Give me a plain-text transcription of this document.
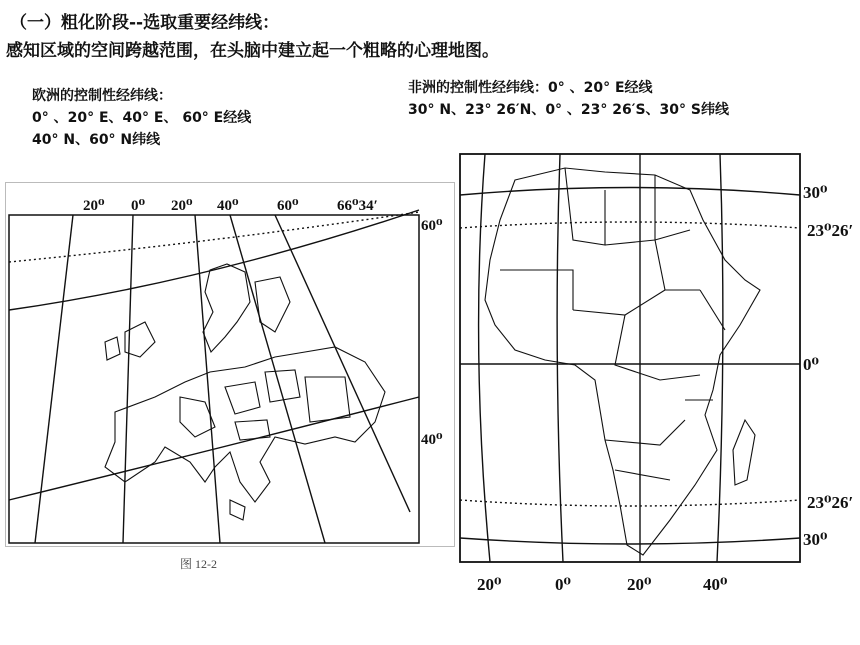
（一）粗化阶段--选取重要经纬线：
感知区域的空间跨越范围，在头脑中建立起一个粗略的心理地图。
欧洲的控制性经纬线：
0° 、20° E、40° E、 60° E经线
40° N、60° N纬线
非洲的控制性经纬线：0° 、20° E经线
30° N、23° 26′N、0° 、23° 26′S、30° S纬线
20⁰ 0⁰ 20⁰ 40⁰	60⁰	66⁰34′
60⁰
40⁰
图 12-2
30⁰
23⁰26′
0⁰
23⁰26′
30⁰
20⁰	0⁰	20⁰	40⁰
